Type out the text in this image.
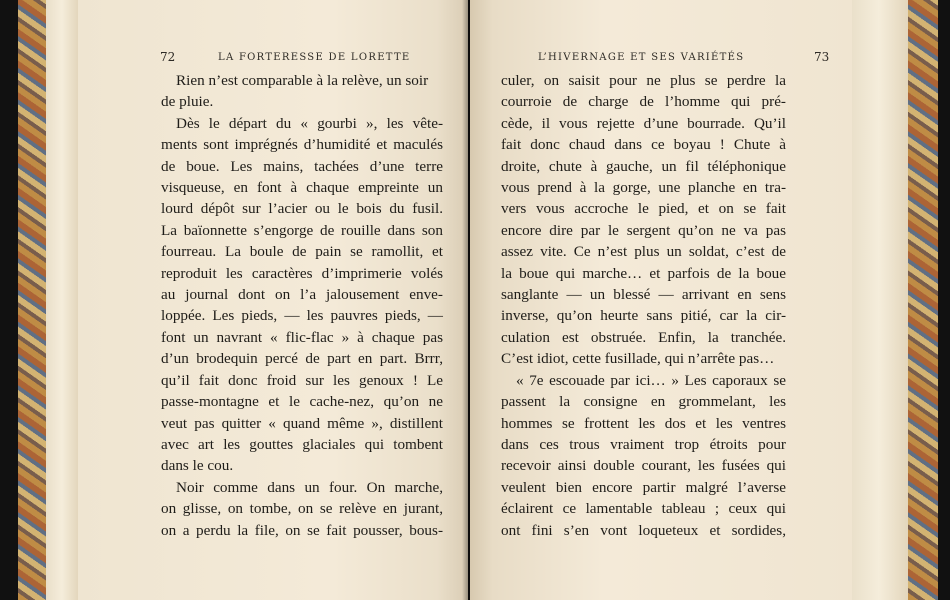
72	LA FORTERESSE DE LORETTE
Rien n’est comparable à la relève, un soir
de pluie.
Dès le départ du « gourbi », les vête-
ments sont imprégnés d’humidité et maculés
de boue. Les mains, tachées d’une terre
visqueuse, en font à chaque empreinte un
lourd dépôt sur l’acier ou le bois du fusil.
La baïonnette s’engorge de rouille dans son
fourreau. La boule de pain se ramollit, et
reproduit les caractères d’imprimerie volés
au journal dont on l’a jalousement enve-
loppée. Les pieds, — les pauvres pieds, —
font un navrant « flic-flac » à chaque pas
d’un brodequin percé de part en part. Brrr,
qu’il fait donc froid sur les genoux ! Le
passe-montagne et le cache-nez, qu’on ne
veut pas quitter « quand même », distillent
avec art les gouttes glaciales qui tombent
dans le cou.
Noir comme dans un four. On marche,
on glisse, on tombe, on se relève en jurant,
on a perdu la file, on se fait pousser, bous-
L’HIVERNAGE ET SES VARIÉTÉS	73
culer, on saisit pour ne plus se perdre la
courroie de charge de l’homme qui pré-
cède, il vous rejette d’une bourrade. Qu’il
fait donc chaud dans ce boyau ! Chute à
droite, chute à gauche, un fil téléphonique
vous prend à la gorge, une planche en tra-
vers vous accroche le pied, et on se fait
encore dire par le sergent qu’on ne va pas
assez vite. Ce n’est plus un soldat, c’est de
la boue qui marche… et parfois de la boue
sanglante — un blessé — arrivant en sens
inverse, qu’on heurte sans pitié, car la cir-
culation est obstruée. Enfin, la tranchée.
C’est idiot, cette fusillade, qui n’arrête pas…
« 7e escouade par ici… » Les caporaux se
passent la consigne en grommelant, les
hommes se frottent les dos et les ventres
dans ces trous vraiment trop étroits pour
recevoir ainsi double courant, les fusées qui
veulent bien encore partir malgré l’averse
éclairent ce lamentable tableau ; ceux qui
ont fini s’en vont loqueteux et sordides,
